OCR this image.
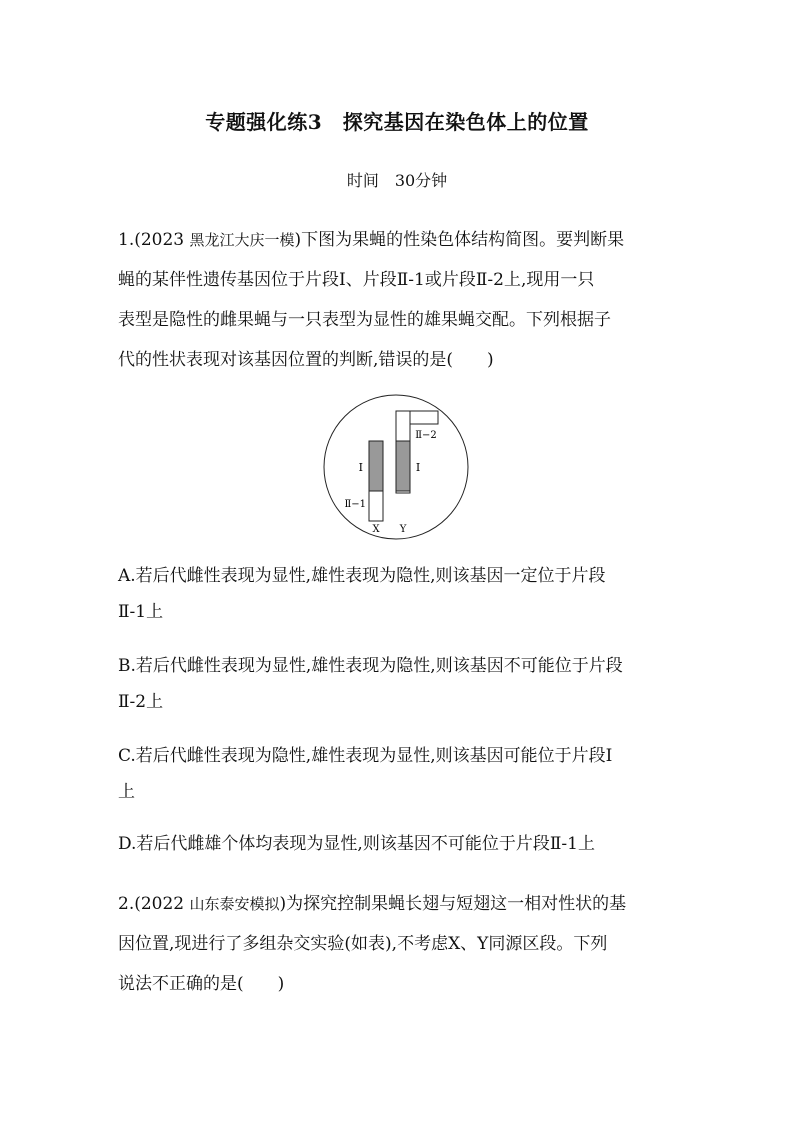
专题强化练3　探究基因在染色体上的位置
时间　30分钟
1.(2023 黑龙江大庆一模)下图为果蝇的性染色体结构简图。要判断果
蝇的某伴性遗传基因位于片段Ⅰ、片段Ⅱ-1或片段Ⅱ-2上,现用一只
表型是隐性的雌果蝇与一只表型为显性的雄果蝇交配。下列根据子
代的性状表现对该基因位置的判断,错误的是(　　)
Ⅰ
Ⅱ−1
X
Ⅰ
Ⅱ−2
Y
A.若后代雌性表现为显性,雄性表现为隐性,则该基因一定位于片段
Ⅱ-1上
B.若后代雌性表现为显性,雄性表现为隐性,则该基因不可能位于片段
Ⅱ-2上
C.若后代雌性表现为隐性,雄性表现为显性,则该基因可能位于片段Ⅰ
上
D.若后代雌雄个体均表现为显性,则该基因不可能位于片段Ⅱ-1上
2.(2022 山东泰安模拟)为探究控制果蝇长翅与短翅这一相对性状的基
因位置,现进行了多组杂交实验(如表),不考虑X、Y同源区段。下列
说法不正确的是(　　)
